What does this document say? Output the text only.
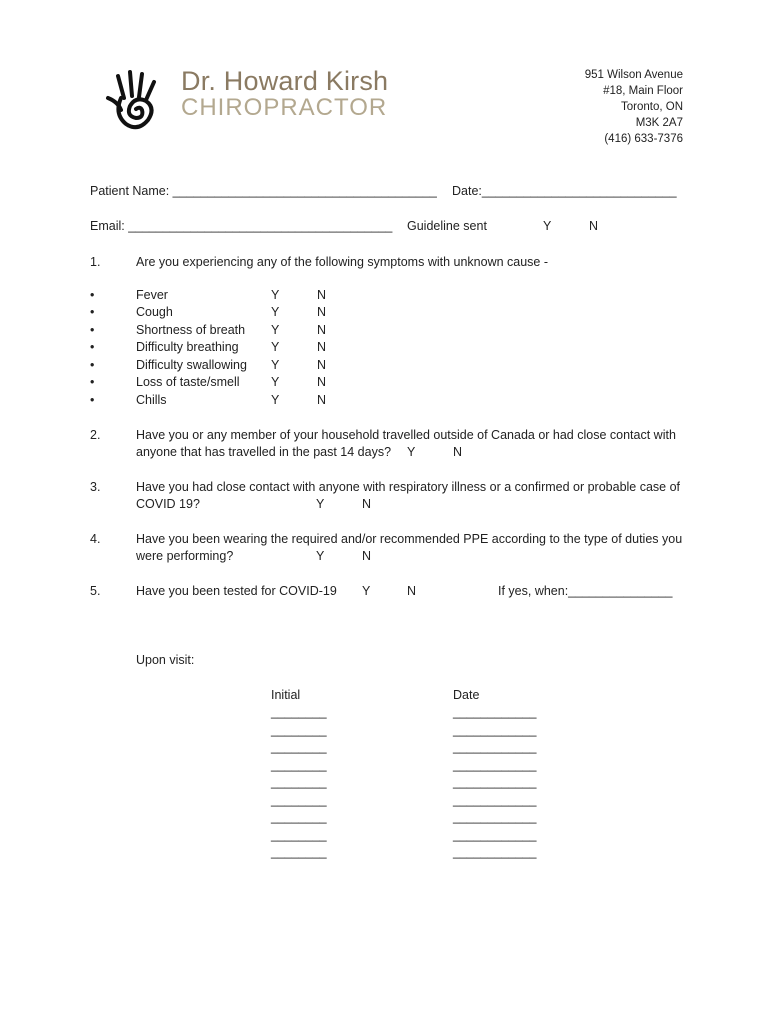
Dr. Howard Kirsh
CHIROPRACTOR
951 Wilson Avenue
#18, Main Floor
Toronto, ON
M3K 2A7
(416) 633-7376
Patient Name: ______________________________________ Date:____________________________
Email: ______________________________________ Guideline sent	Y	N
1.	Are you experiencing any of the following symptoms with unknown cause -
•	Fever	Y	N
•	Cough	Y	N
•	Shortness of breath Y	N
•	Difficulty breathing	Y	N
•	Difficulty swallowing Y	N
•	Loss of taste/smell	Y	N
•	Chills	Y	N
2.	Have you or any member of your household travelled outside of Canada or had close contact with
anyone that has travelled in the past 14 days? Y	N
3.	Have you had close contact with anyone with respiratory illness or a confirmed or probable case of
COVID 19?	Y	N
4.	Have you been wearing the required and/or recommended PPE according to the type of duties you
were performing?	Y	N
5.	Have you been tested for COVID-19 Y	N	If yes, when:_______________
Upon visit:
Initial	Date
________	____________
________	____________
________	____________
________	____________
________	____________
________	____________
________	____________
________	____________
________	____________
